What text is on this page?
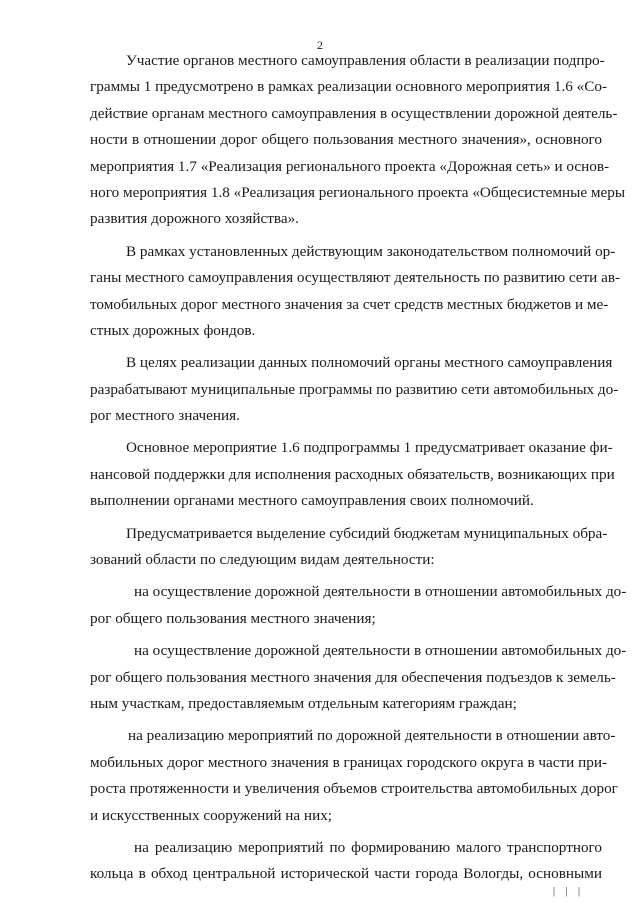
2
Участие органов местного самоуправления области в реализации подпро-
граммы 1 предусмотрено в рамках реализации основного мероприятия 1.6 «Со-
действие органам местного самоуправления в осуществлении дорожной деятель-
ности в отношении дорог общего пользования местного значения», основного
мероприятия 1.7 «Реализация регионального проекта «Дорожная сеть» и основ-
ного мероприятия 1.8 «Реализация регионального проекта «Общесистемные меры
развития дорожного хозяйства».
В рамках установленных действующим законодательством полномочий ор-
ганы местного самоуправления осуществляют деятельность по развитию сети ав-
томобильных дорог местного значения за счет средств местных бюджетов и ме-
стных дорожных фондов.
В целях реализации данных полномочий органы местного самоуправления
разрабатывают муниципальные программы по развитию сети автомобильных до-
рог местного значения.
Основное мероприятие 1.6 подпрограммы 1 предусматривает оказание фи-
нансовой поддержки для исполнения расходных обязательств, возникающих при
выполнении органами местного самоуправления своих полномочий.
Предусматривается выделение субсидий бюджетам муниципальных обра-
зований области по следующим видам деятельности:
на осуществление дорожной деятельности в отношении автомобильных до-
рог общего пользования местного значения;
на осуществление дорожной деятельности в отношении автомобильных до-
рог общего пользования местного значения для обеспечения подъездов к земель-
ным участкам, предоставляемым отдельным категориям граждан;
на реализацию мероприятий по дорожной деятельности в отношении авто-
мобильных дорог местного значения в границах городского округа в части при-
роста протяженности и увеличения объемов строительства автомобильных дорог
и искусственных сооружений на них;
на реализацию мероприятий по формированию малого транспортного
кольца в обход центральной исторической части города Вологды, основными
| | |
